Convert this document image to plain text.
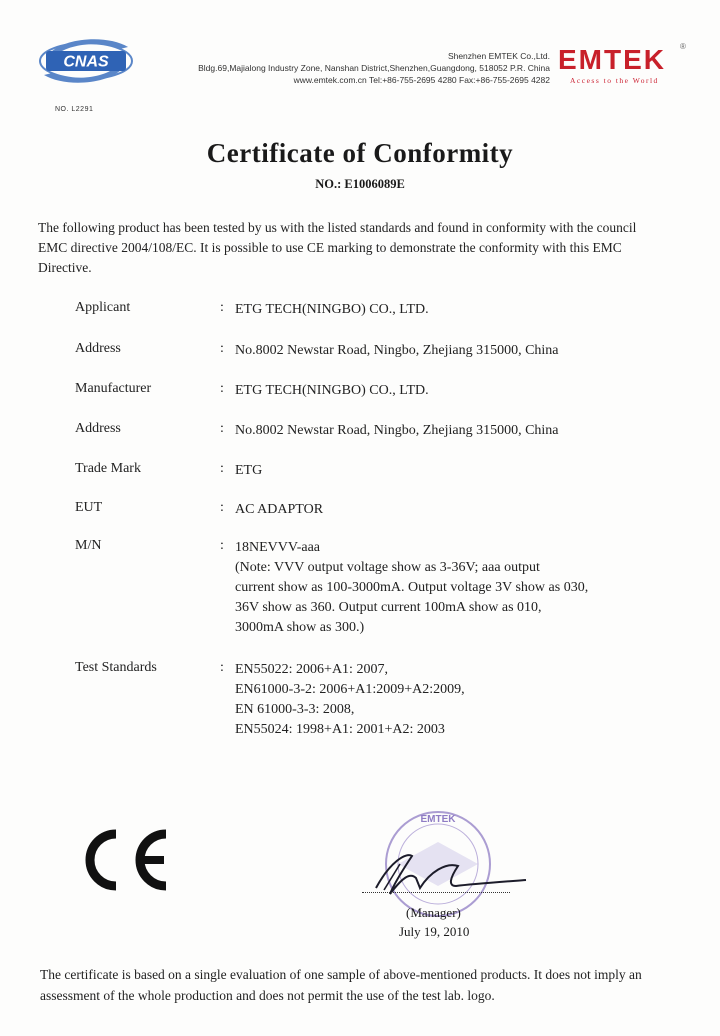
CNAS
NO. L2291
Shenzhen EMTEK Co.,Ltd.
Bldg.69,Majialong Industry Zone, Nanshan District,Shenzhen,Guangdong, 518052 P.R. China
www.emtek.com.cn Tel:+86-755-2695 4280 Fax:+86-755-2695 4282
EMTEK ®
Access to the World
Certificate of Conformity
NO.: E1006089E
The following product has been tested by us with the listed standards and found in conformity with the council EMC directive 2004/108/EC. It is possible to use CE marking to demonstrate the conformity with this EMC Directive.
Applicant	: ETG TECH(NINGBO) CO., LTD.
Address	: No.8002 Newstar Road, Ningbo, Zhejiang 315000, China
Manufacturer	: ETG TECH(NINGBO) CO., LTD.
Address	: No.8002 Newstar Road, Ningbo, Zhejiang 315000, China
Trade Mark	: ETG
EUT	: AC ADAPTOR
M/N	: 18NEVVV-aaa
(Note: VVV output voltage show as 3-36V; aaa output
current show as 100-3000mA. Output voltage 3V show as 030,
36V show as 360. Output current 100mA show as 010,
3000mA show as 300.)
Test Standards	: EN55022: 2006+A1: 2007,
EN61000-3-2: 2006+A1:2009+A2:2009,
EN 61000-3-3: 2008,
EN55024: 1998+A1: 2001+A2: 2003
EMTEK
(Manager)
July 19, 2010
The certificate is based on a single evaluation of one sample of above-mentioned products. It does not imply an assessment of the whole production and does not permit the use of the test lab. logo.
